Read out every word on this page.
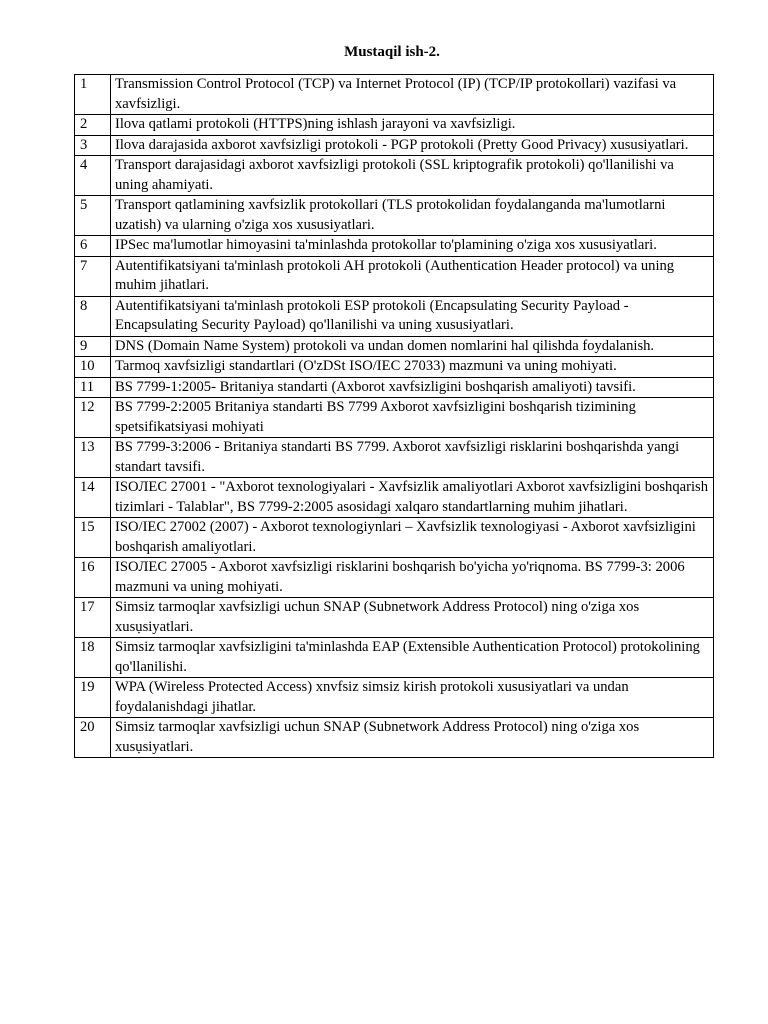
Mustaqil ish-2.
1	Transmission Control Protocol (TCP) va Internet Protocol (IP) (TCP/IP protokollari) vazifasi va xavfsizligi.
2	Ilova qatlami protokoli (HTTPS)ning ishlash jarayoni va xavfsizligi.
3	Ilova darajasida axborot xavfsizligi protokoli - PGP protokoli (Pretty Good Privacy) xususiyatlari.
4	Transport darajasidagi axborot xavfsizligi protokoli (SSL kriptografik protokoli) qo'llanilishi va uning ahamiyati.
5	Transport qatlamining xavfsizlik protokollari (TLS protokolidan foydalanganda ma'lumotlarni uzatish) va ularning o'ziga xos xususiyatlari.
6	IPSec ma'lumotlar himoyasini ta'minlashda protokollar to'plamining o'ziga xos xususiyatlari.
7	Autentifikatsiyani ta'minlash protokoli AH protokoli (Authentication Header protocol) va uning muhim jihatlari.
8	Autentifikatsiyani ta'minlash protokoli ESP protokoli (Encapsulating Security Payload - Encapsulating Security Payload) qo'llanilishi va uning xususiyatlari.
9	DNS (Domain Name System) protokoli va undan domen nomlarini hal qilishda foydalanish.
10	Tarmoq xavfsizligi standartlari (O'zDSt ISO/IEC 27033) mazmuni va uning mohiyati.
11	BS 7799-1:2005- Britaniya standarti (Axborot xavfsizligini boshqarish amaliyoti) tavsifi.
12	BS 7799-2:2005 Britaniya standarti BS 7799 Axborot xavfsizligini boshqarish tizimining spetsifikatsiyasi mohiyati
13	BS 7799-3:2006 - Britaniya standarti BS 7799. Axborot xavfsizligi risklarini boshqarishda yangi standart tavsifi.
14	ISOЛEC 27001 - "Axborot texnologiyalari - Xavfsizlik amaliyotlari Axborot xavfsizligini boshqarish tizimlari - Talablar", BS 7799-2:2005 asosidagi xalqaro standartlarning muhim jihatlari.
15	ISO/IEC 27002 (2007) - Axborot texnologiynlari – Xavfsizlik texnologiyasi - Axborot xavfsizligini boshqarish amaliyotlari.
16	ISOЛEC 27005 - Axborot xavfsizligi risklarini boshqarish bo'yicha yo'riqnoma. BS 7799-3: 2006 mazmuni va uning mohiyati.
17	Simsiz tarmoqlar xavfsizligi uchun SNAP (Subnetwork Address Protocol) ning o'ziga xos xusụsiyatlari.
18	Simsiz tarmoqlar xavfsizligini ta'minlashda EAP (Extensible Authentication Protocol) protokolining qo'llanilishi.
19	WPA (Wireless Protected Access) xnvfsiz simsiz kirish protokoli xususiyatlari va undan foydalanishdagi jihatlar.
20	Simsiz tarmoqlar xavfsizligi uchun SNAP (Subnetwork Address Protocol) ning o'ziga xos xusụsiyatlari.
